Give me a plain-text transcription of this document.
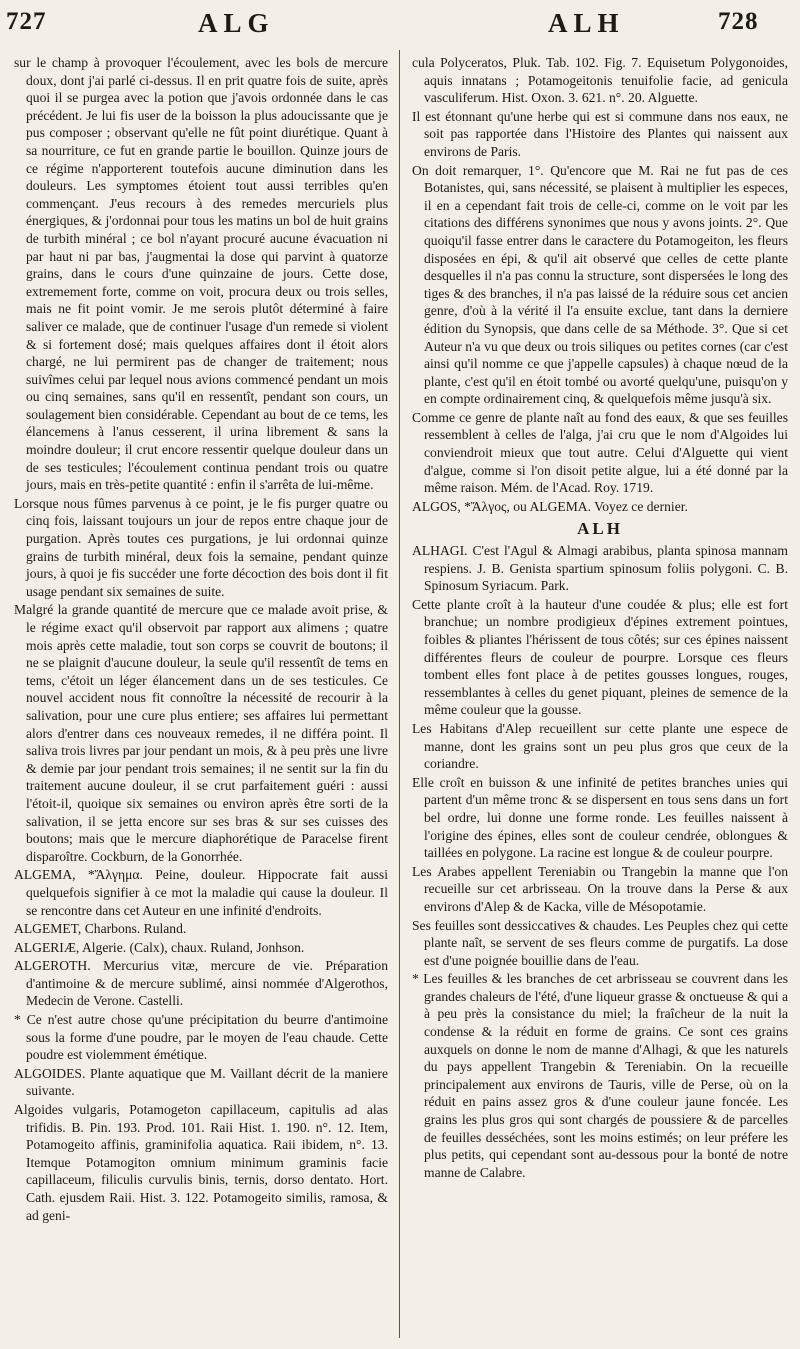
727	ALG	ALH	728

sur le champ à provoquer l'écoulement, avec les bols de mercure doux, dont j'ai parlé ci-dessus. Il en prit quatre fois de suite, après quoi il se purgea avec la potion que j'avois ordonnée dans le cas précédent. Je lui fis user de la boisson la plus adoucissante que je pus composer ; observant qu'elle ne fût point diurétique. Quant à sa nourriture, ce fut en grande partie le bouillon. Quinze jours de ce régime n'apporterent toutefois aucune diminution dans les douleurs. Les symptomes étoient tout aussi terribles qu'en commençant. J'eus recours à des remedes mercuriels plus énergiques, & j'ordonnai pour tous les matins un bol de huit grains de turbith minéral ; ce bol n'ayant procuré aucune évacuation ni par haut ni par bas, j'augmentai la dose qui parvint à quatorze grains, dans le cours d'une quinzaine de jours. Cette dose, extremement forte, comme on voit, procura deux ou trois selles, mais ne fit point vomir. Je me serois plutôt déterminé à faire saliver ce malade, que de continuer l'usage d'un remede si violent & si fortement dosé; mais quelques affaires dont il étoit alors chargé, ne lui permirent pas de changer de traitement; nous suivîmes celui par lequel nous avions commencé pendant un mois ou cinq semaines, sans qu'il en ressentît, pendant son cours, un soulagement bien considérable. Cependant au bout de ce tems, les élancemens à l'anus cesserent, il urina librement & sans la moindre douleur; il crut encore ressentir quelque douleur dans un de ses testicules; l'écoulement continua pendant trois ou quatre jours, mais en très-petite quantité : enfin il s'arrêta de lui-même.

Lorsque nous fûmes parvenus à ce point, je le fis purger quatre ou cinq fois, laissant toujours un jour de repos entre chaque jour de purgation. Après toutes ces purgations, je lui ordonnai quinze grains de turbith minéral, deux fois la semaine, pendant quinze jours, à quoi je fis succéder une forte décoction des bois dont il fit usage pendant six semaines de suite.

Malgré la grande quantité de mercure que ce malade avoit prise, & le régime exact qu'il observoit par rapport aux alimens ; quatre mois après cette maladie, tout son corps se couvrit de boutons; il ne se plaignit d'aucune douleur, la seule qu'il ressentît de tems en tems, c'étoit un léger élancement dans un de ses testicules. Ce nouvel accident nous fit connoître la nécessité de recourir à la salivation, pour une cure plus entiere; ses affaires lui permettant alors d'entrer dans ces nouveaux remedes, il ne différa point. Il saliva trois livres par jour pendant un mois, & à peu près une livre & demie par jour pendant trois semaines; il ne sentit sur la fin du traitement aucune douleur, il se crut parfaitement guéri : aussi l'étoit-il, quoique six semaines ou environ après être sorti de la salivation, il se jetta encore sur ses bras & sur ses cuisses des boutons; mais que le mercure diaphorétique de Paracelse firent disparoître. Cockburn, de la Gonorrhée.

ALGEMA, *Ἄλγημα. Peine, douleur. Hippocrate fait aussi quelquefois signifier à ce mot la maladie qui cause la douleur. Il se rencontre dans cet Auteur en une infinité d'endroits.

ALGEMET, Charbons. Ruland.

ALGERIÆ, Algerie. (Calx), chaux. Ruland, Jonhson.

ALGEROTH. Mercurius vitæ, mercure de vie. Préparation d'antimoine & de mercure sublimé, ainsi nommée d'Algerothos, Medecin de Verone. Castelli.

* Ce n'est autre chose qu'une précipitation du beurre d'antimoine sous la forme d'une poudre, par le moyen de l'eau chaude. Cette poudre est violemment émétique.

ALGOIDES. Plante aquatique que M. Vaillant décrit de la maniere suivante.

Algoides vulgaris, Potamogeton capillaceum, capitulis ad alas trifidis. B. Pin. 193. Prod. 101. Raii Hist. 1. 190. n°. 12. Item, Potamogeito affinis, graminifolia aquatica. Raii ibidem, n°. 13. Itemque Potamogiton omnium minimum graminis facie capillaceum, filiculis curvulis binis, ternis, dorso dentato. Hort. Cath. ejusdem Raii. Hist. 3. 122. Potamogeito similis, ramosa, & ad geni-

cula Polyceratos, Pluk. Tab. 102. Fig. 7. Equisetum Polygonoides, aquis innatans ; Potamogeitonis tenuifolie facie, ad genicula vasculiferum. Hist. Oxon. 3. 621. n°. 20. Alguette.

Il est étonnant qu'une herbe qui est si commune dans nos eaux, ne soit pas rapportée dans l'Histoire des Plantes qui naissent aux environs de Paris.

On doit remarquer, 1°. Qu'encore que M. Rai ne fut pas de ces Botanistes, qui, sans nécessité, se plaisent à multiplier les especes, il en a cependant fait trois de celle-ci, comme on le voit par les citations des différens synonimes que nous y avons joints. 2°. Que quoiqu'il fasse entrer dans le caractere du Potamogeiton, les fleurs disposées en épi, & qu'il ait observé que celles de cette plante desquelles il n'a pas connu la structure, sont dispersées le long des tiges & des branches, il n'a pas laissé de la réduire sous cet ancien genre, d'où à la vérité il l'a ensuite exclue, tant dans la derniere édition du Synopsis, que dans celle de sa Méthode. 3°. Que si cet Auteur n'a vu que deux ou trois siliques ou petites cornes (car c'est ainsi qu'il nomme ce que j'appelle capsules) à chaque nœud de la plante, c'est qu'il en étoit tombé ou avorté quelqu'une, puisqu'on y en compte ordinairement cinq, & quelquefois même jusqu'à six.

Comme ce genre de plante naît au fond des eaux, & que ses feuilles ressemblent à celles de l'alga, j'ai cru que le nom d'Algoides lui conviendroit mieux que tout autre. Celui d'Alguette qui vient d'algue, comme si l'on disoit petite algue, lui a été donné par la même raison. Mém. de l'Acad. Roy. 1719.

ALGOS, *Ἄλγος, ou ALGEMA. Voyez ce dernier.

ALH

ALHAGI. C'est l'Agul & Almagi arabibus, planta spinosa mannam respiens. J. B. Genista spartium spinosum foliis polygoni. C. B. Spinosum Syriacum. Park.

Cette plante croît à la hauteur d'une coudée & plus; elle est fort branchue; un nombre prodigieux d'épines extrement pointues, foibles & pliantes l'hérissent de tous côtés; sur ces épines naissent différentes fleurs de couleur de pourpre. Lorsque ces fleurs tombent elles font place à de petites gousses longues, rouges, ressemblantes à celles du genet piquant, pleines de semence de la même couleur que la gousse.

Les Habitans d'Alep recueillent sur cette plante une espece de manne, dont les grains sont un peu plus gros que ceux de la coriandre.

Elle croît en buisson & une infinité de petites branches unies qui partent d'un même tronc & se dispersent en tous sens dans un fort bel ordre, lui donne une forme ronde. Les feuilles naissent à l'origine des épines, elles sont de couleur cendrée, oblongues & taillées en polygone. La racine est longue & de couleur pourpre.

Les Arabes appellent Tereniabin ou Trangebin la manne que l'on recueille sur cet arbrisseau. On la trouve dans la Perse & aux environs d'Alep & de Kacka, ville de Mésopotamie.

Ses feuilles sont dessiccatives & chaudes. Les Peuples chez qui cette plante naît, se servent de ses fleurs comme de purgatifs. La dose est d'une poignée bouillie dans de l'eau.

* Les feuilles & les branches de cet arbrisseau se couvrent dans les grandes chaleurs de l'été, d'une liqueur grasse & onctueuse & qui a à peu près la consistance du miel; la fraîcheur de la nuit la condense & la réduit en forme de grains. Ce sont ces grains auxquels on donne le nom de manne d'Alhagi, & que les naturels du pays appellent Trangebin & Tereniabin. On la recueille principalement aux environs de Tauris, ville de Perse, où on la réduit en pains assez gros & d'une couleur jaune foncée. Les grains les plus gros qui sont chargés de poussiere & de parcelles de feuilles desséchées, sont les moins estimés; on leur préfere les plus petits, qui cependant sont au-dessous pour la bonté de notre manne de Calabre.
